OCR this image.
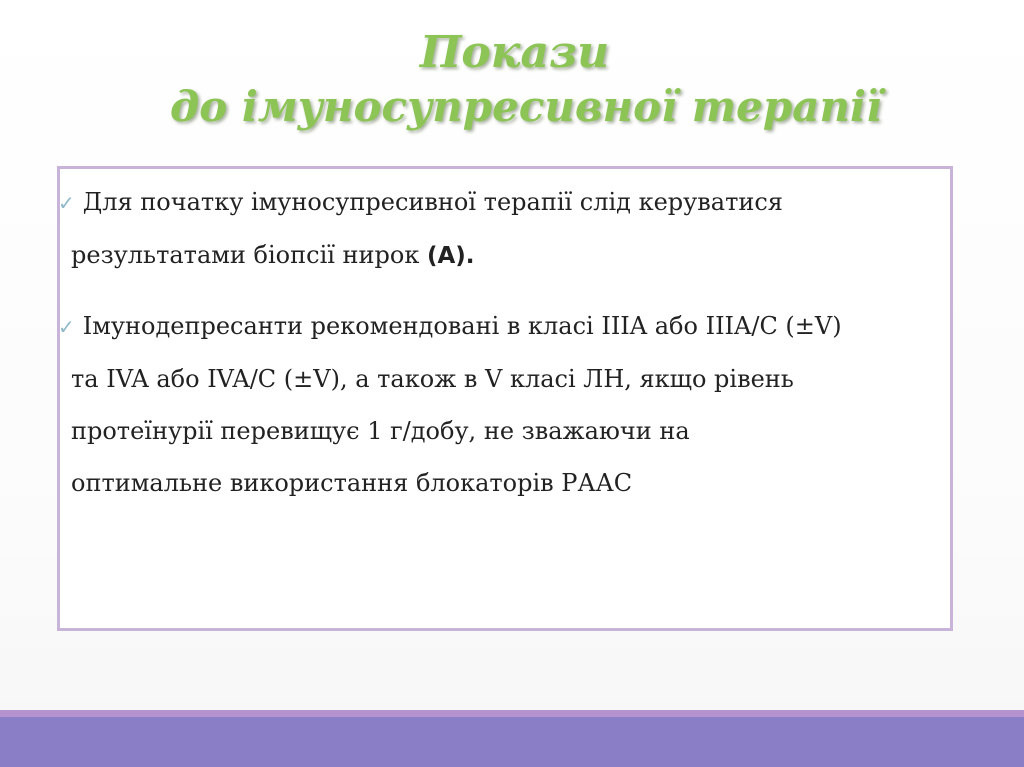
Покази
до імуносупресивної терапії
✓ Для початку імуносупресивної терапії слід керуватися
результатами біопсії нирок (A).
✓ Імунодепресанти рекомендовані в класі IIIA або IIIA/C (±V)
та IVA або IVA/C (±V), а також в V класі ЛН, якщо рівень
протеїнурії перевищує 1 г/добу, не зважаючи на
оптимальне використання блокаторів РААС
